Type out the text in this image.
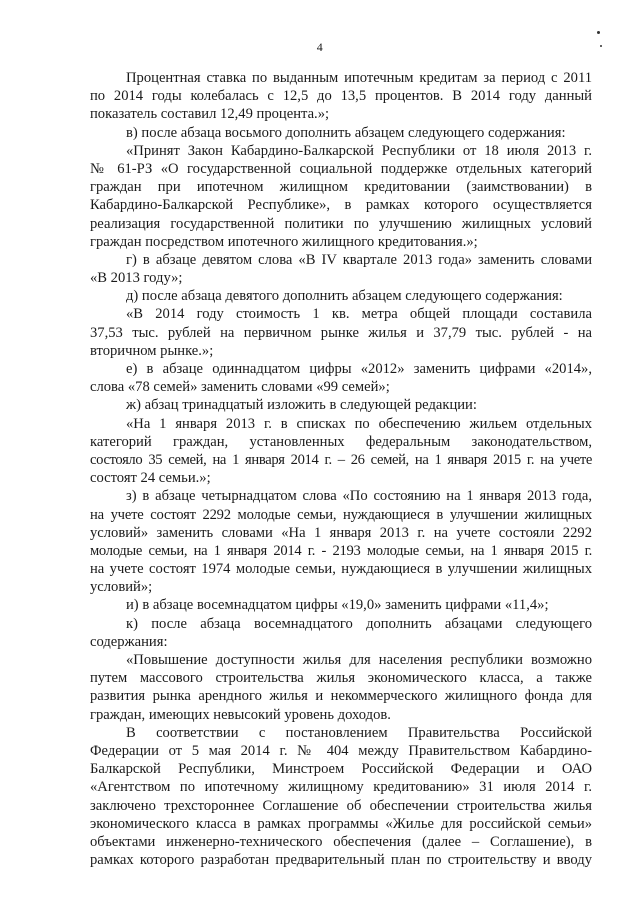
4
Процентная ставка по выданным ипотечным кредитам за период с 2011
по 2014 годы колебалась с 12,5 до 13,5 процентов. В 2014 году данный
показатель составил 12,49 процента.»;
в) после абзаца восьмого дополнить абзацем следующего содержания:
«Принят Закон Кабардино-Балкарской Республики от 18 июля 2013 г.
№ 61-РЗ «О государственной социальной поддержке отдельных категорий
граждан при ипотечном жилищном кредитовании (заимствовании) в
Кабардино-Балкарской Республике», в рамках которого осуществляется
реализация государственной политики по улучшению жилищных условий
граждан посредством ипотечного жилищного кредитования.»;
г) в абзаце девятом слова «В IV квартале 2013 года» заменить словами
«В 2013 году»;
д) после абзаца девятого дополнить абзацем следующего содержания:
«В 2014 году стоимость 1 кв. метра общей площади составила
37,53 тыс. рублей на первичном рынке жилья и 37,79 тыс. рублей - на
вторичном рынке.»;
е) в абзаце одиннадцатом цифры «2012» заменить цифрами «2014»,
слова «78 семей» заменить словами «99 семей»;
ж) абзац тринадцатый изложить в следующей редакции:
«На 1 января 2013 г. в списках по обеспечению жильем отдельных
категорий граждан, установленных федеральным законодательством,
состояло 35 семей, на 1 января 2014 г. – 26 семей, на 1 января 2015 г. на учете
состоят 24 семьи.»;
з) в абзаце четырнадцатом слова «По состоянию на 1 января 2013 года,
на учете состоят 2292 молодые семьи, нуждающиеся в улучшении жилищных
условий» заменить словами «На 1 января 2013 г. на учете состояли 2292
молодые семьи, на 1 января 2014 г. - 2193 молодые семьи, на 1 января 2015 г.
на учете состоят 1974 молодые семьи, нуждающиеся в улучшении жилищных
условий»;
и) в абзаце восемнадцатом цифры «19,0» заменить цифрами «11,4»;
к) после абзаца восемнадцатого дополнить абзацами следующего
содержания:
«Повышение доступности жилья для населения республики возможно
путем массового строительства жилья экономического класса, а также
развития рынка арендного жилья и некоммерческого жилищного фонда для
граждан, имеющих невысокий уровень доходов.
В соответствии с постановлением Правительства Российской
Федерации от 5 мая 2014 г. № 404 между Правительством Кабардино-
Балкарской Республики, Минстроем Российской Федерации и ОАО
«Агентством по ипотечному жилищному кредитованию» 31 июля 2014 г.
заключено трехстороннее Соглашение об обеспечении строительства жилья
экономического класса в рамках программы «Жилье для российской семьи»
объектами инженерно-технического обеспечения (далее – Соглашение), в
рамках которого разработан предварительный план по строительству и вводу
